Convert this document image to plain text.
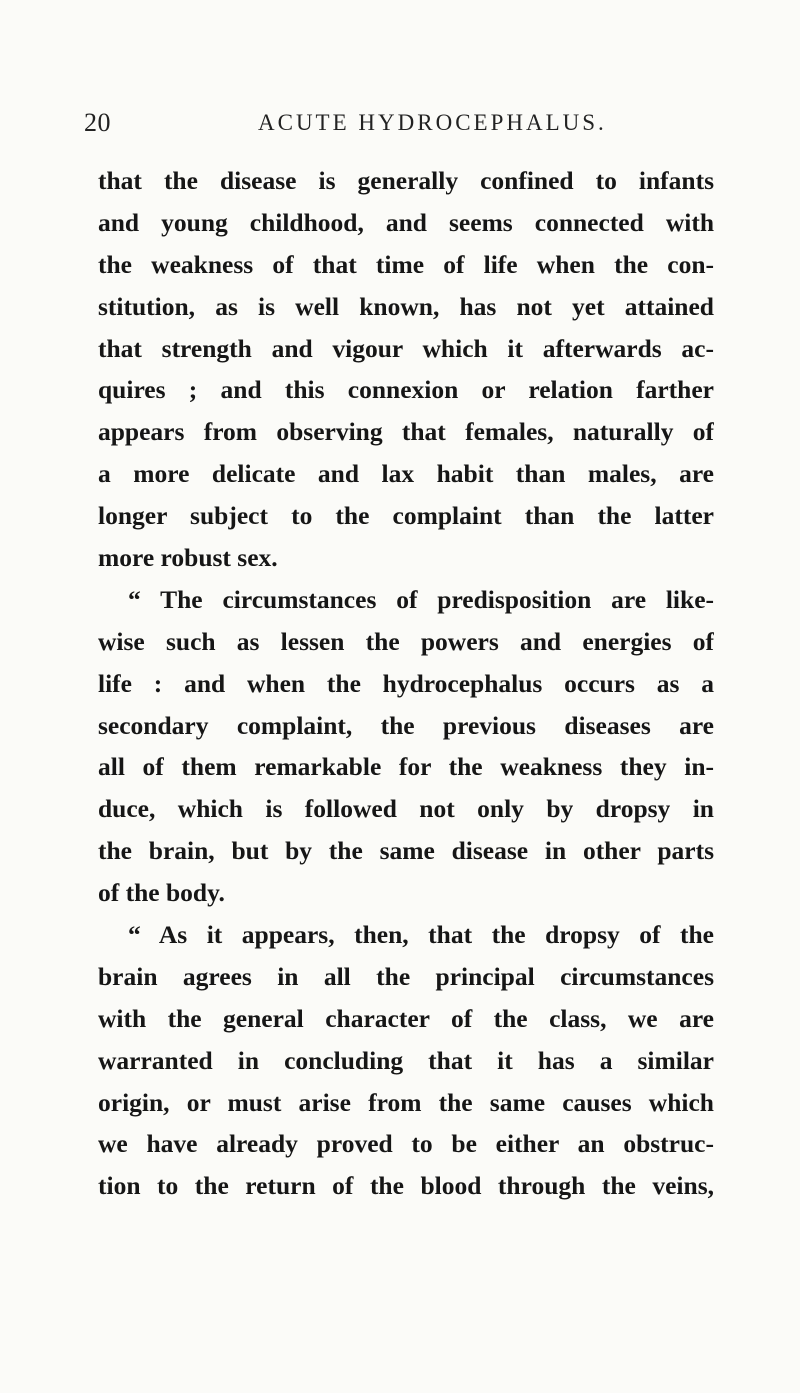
20	ACUTE HYDROCEPHALUS.
that the disease is generally confined to infants
and young childhood, and seems connected with
the weakness of that time of life when the con-
stitution, as is well known, has not yet attained
that strength and vigour which it afterwards ac-
quires ; and this connexion or relation farther
appears from observing that females, naturally of
a more delicate and lax habit than males, are
longer subject to the complaint than the latter
more robust sex.
“ The circumstances of predisposition are like-
wise such as lessen the powers and energies of
life : and when the hydrocephalus occurs as a
secondary complaint, the previous diseases are
all of them remarkable for the weakness they in-
duce, which is followed not only by dropsy in
the brain, but by the same disease in other parts
of the body.
“ As it appears, then, that the dropsy of the
brain agrees in all the principal circumstances
with the general character of the class, we are
warranted in concluding that it has a similar
origin, or must arise from the same causes which
we have already proved to be either an obstruc-
tion to the return of the blood through the veins,
